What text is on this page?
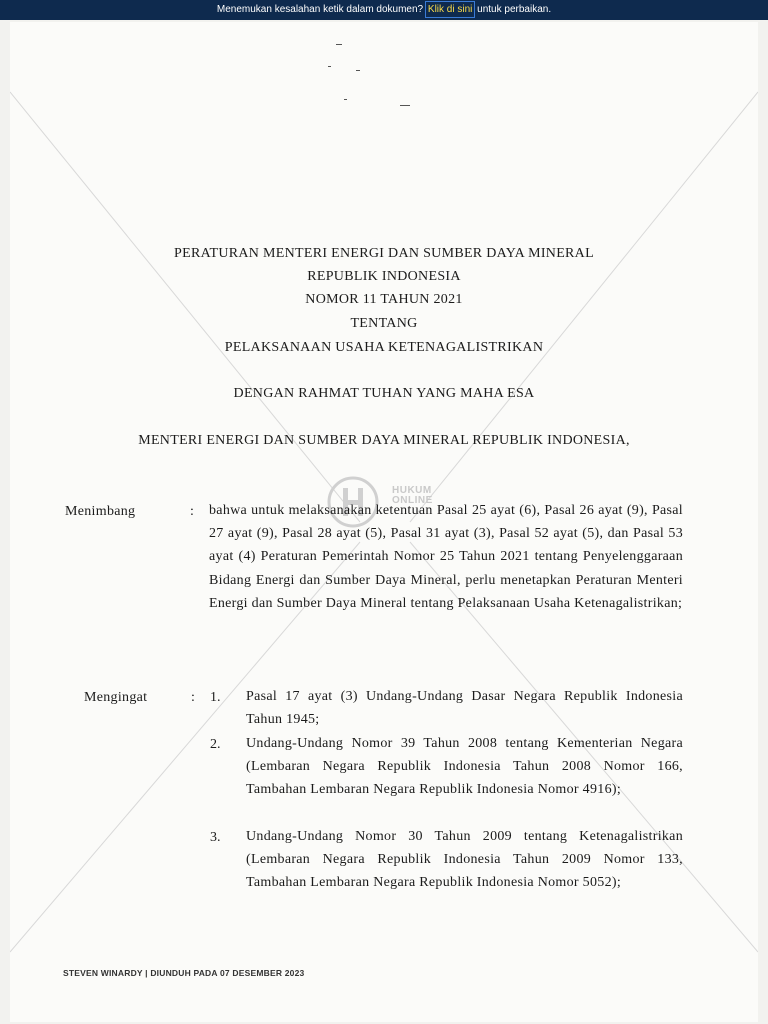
Menemukan kesalahan ketik dalam dokumen? Klik di sini untuk perbaikan.
HUKUM
ONLINE
PERATURAN MENTERI ENERGI DAN SUMBER DAYA MINERAL
REPUBLIK INDONESIA
NOMOR 11 TAHUN 2021
TENTANG
PELAKSANAAN USAHA KETENAGALISTRIKAN
DENGAN RAHMAT TUHAN YANG MAHA ESA
MENTERI ENERGI DAN SUMBER DAYA MINERAL REPUBLIK INDONESIA,
Menimbang	: bahwa untuk melaksanakan ketentuan Pasal 25 ayat (6), Pasal 26 ayat (9), Pasal 27 ayat (9), Pasal 28 ayat (5), Pasal 31 ayat (3), Pasal 52 ayat (5), dan Pasal 53 ayat (4) Peraturan Pemerintah Nomor 25 Tahun 2021 tentang Penyelenggaraan Bidang Energi dan Sumber Daya Mineral, perlu menetapkan Peraturan Menteri Energi dan Sumber Daya Mineral tentang Pelaksanaan Usaha Ketenagalistrikan;
Mengingat	: 1. Pasal 17 ayat (3) Undang-Undang Dasar Negara Republik Indonesia Tahun 1945;
2. Undang-Undang Nomor 39 Tahun 2008 tentang Kementerian Negara (Lembaran Negara Republik Indonesia Tahun 2008 Nomor 166, Tambahan Lembaran Negara Republik Indonesia Nomor 4916);
3. Undang-Undang Nomor 30 Tahun 2009 tentang Ketenagalistrikan (Lembaran Negara Republik Indonesia Tahun 2009 Nomor 133, Tambahan Lembaran Negara Republik Indonesia Nomor 5052);
STEVEN WINARDY | DIUNDUH PADA 07 DESEMBER 2023
